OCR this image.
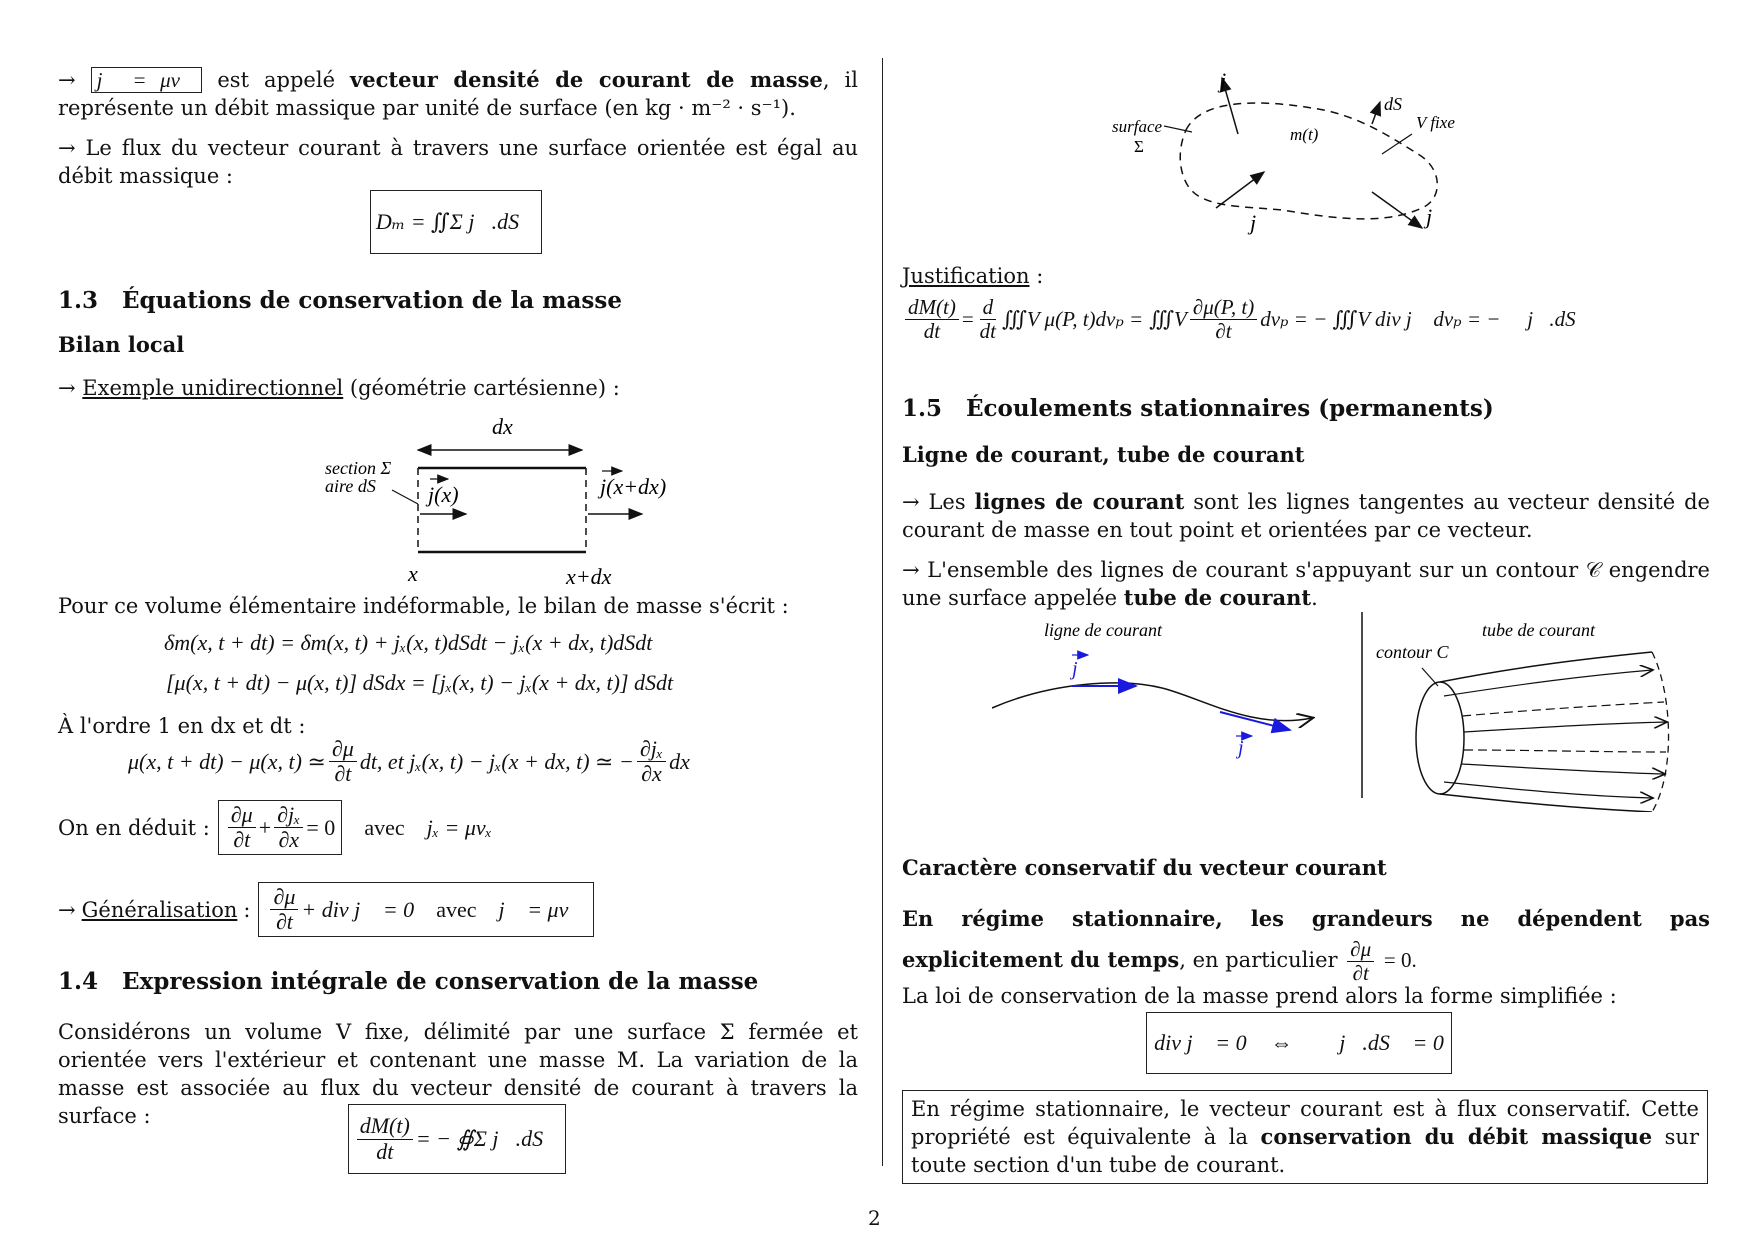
→ j⃗ = μv⃗ est appelé vecteur densité de courant de masse, il représente un débit massique par unité de surface (en kg · m⁻² · s⁻¹).
→ Le flux du vecteur courant à travers une surface orientée est égal au débit massique :
Dₘ = ∬Σ j⃗.dS⃗
1.3 Équations de conservation de la masse
Bilan local
→ Exemple unidirectionnel (géométrie cartésienne) :
dx
section Σ
aire dS j(x)	j(x+dx)
x	x+dx
Pour ce volume élémentaire indéformable, le bilan de masse s'écrit :
δm(x, t + dt) = δm(x, t) + jₓ(x, t)dSdt − jₓ(x + dx, t)dSdt
[μ(x, t + dt) − μ(x, t)] dSdx = [jₓ(x, t) − jₓ(x + dx, t)] dSdt
À l'ordre 1 en dx et dt :
μ(x, t + dt) − μ(x, t) ≃ $\frac{\partial\mu}{\partial t}$ dt, et jₓ(x, t) − jₓ(x + dx, t) ≃ − $\frac{\text{∂jₓ}}{\partial x}$ dx
On en déduit : $\frac{\partial\mu}{\partial t} + \frac{\text{∂jₓ}}{\partial x} = 0$ avec jₓ = μvₓ
→ Généralisation : $\frac{\partial\mu}{\partial t}$ + div j⃗ = 0 avec j⃗ = μv⃗
1.4 Expression intégrale de conservation de la masse
Considérons un volume V fixe, délimité par une surface Σ fermée et orientée vers l'extérieur et contenant une masse M. La variation de la masse est associée au flux du vecteur densité de courant à travers la surface :	$\frac{dM(t)}{dt}$ = − ∯Σ j⃗.dS⃗
j
dS
surface
Σ
m(t)
V fixe
j	j
Justification :
$\frac{dM(t)}{dt} = \frac{d}{dt}$ ∭V μ(P, t)dvₚ = ∭V $\frac{\partial\mu(P, t)}{\partial t}$ dvₚ = − ∭V div j⃗ dvₚ = − ∯ j⃗.dS⃗
1.5 Écoulements stationnaires (permanents)
Ligne de courant, tube de courant
→ Les lignes de courant sont les lignes tangentes au vecteur densité de courant de masse en tout point et orientées par ce vecteur.
→ L'ensemble des lignes de courant s'appuyant sur un contour 𝒞 engendre une surface appelée tube de courant.
ligne de courant
j
j
tube de courant
contour C
Caractère conservatif du vecteur courant
En régime stationnaire, les grandeurs ne dépendent pas explicitement du temps, en particulier $\frac{\partial\mu}{\partial t} = 0$.
La loi de conservation de la masse prend alors la forme simplifiée :
div j⃗ = 0 ⇔ ∯ j⃗.dS⃗ = 0
En régime stationnaire, le vecteur courant est à flux conservatif. Cette propriété est équivalente à la conservation du débit massique sur toute section d'un tube de courant.
2
